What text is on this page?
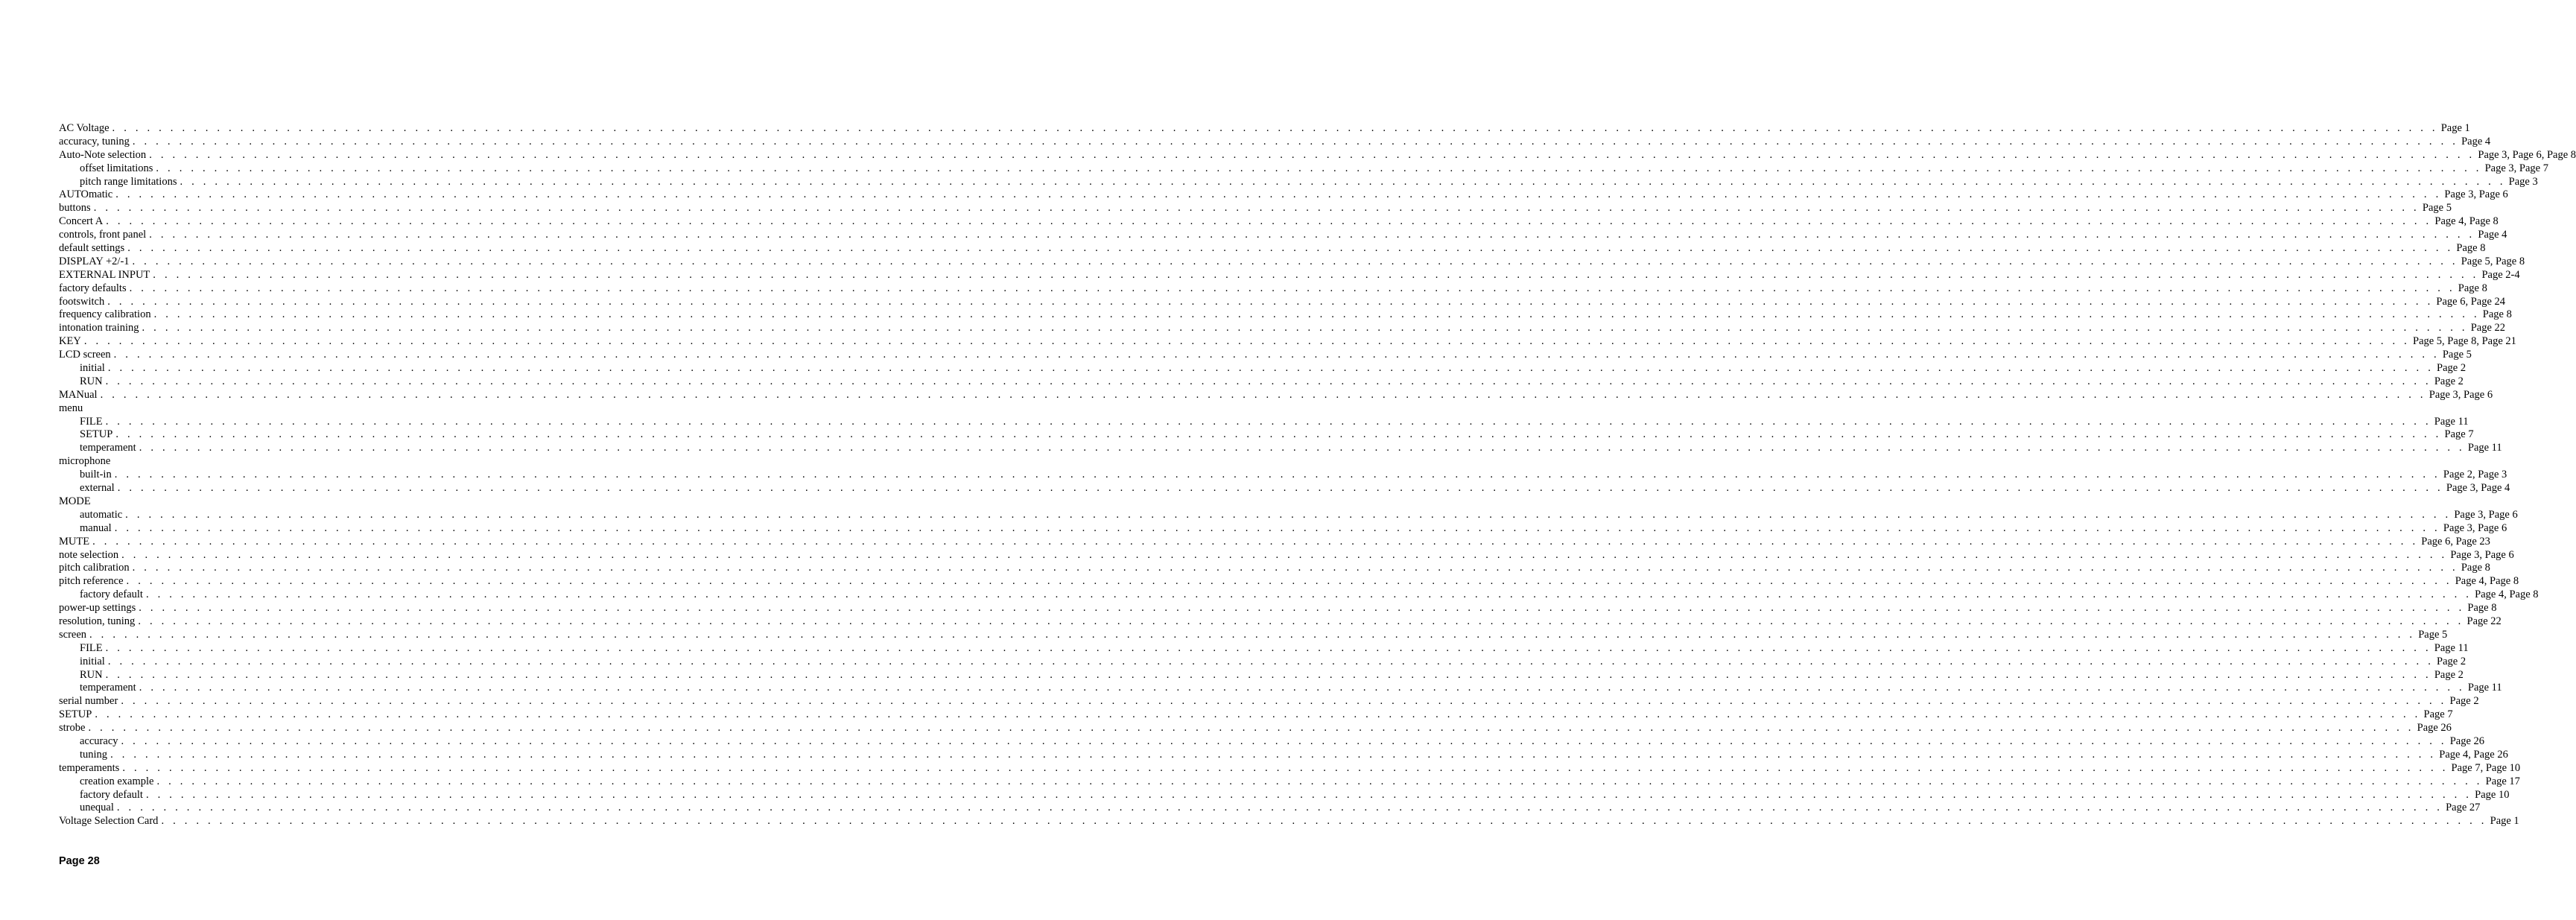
AC Voltage . . . . . . . . . . . . . . . . . . . . . . . . . . . . . . . . . . . . . . . . . . . . . . . . . . . . . . . . . . . . . . . . . . . . . . . . . . . . . . . . . . . . . . . . . . . . . . . . . . . . . . . . . . . . . . . . . . . . . . . . . . . . . . . . . . . . . . . . . . . . . . . . . . . . . . . . . . . . . . . . . . . . . . . . . . . . . . . . . . . . . . . . . . . . . . . . . . . . . . . . Page 1
accuracy, tuning . . . . . . . . . . . . . . . . . . . . . . . . . . . . . . . . . . . . . . . . . . . . . . . . . . . . . . . . . . . . . . . . . . . . . . . . . . . . . . . . . . . . . . . . . . . . . . . . . . . . . . . . . . . . . . . . . . . . . . . . . . . . . . . . . . . . . . . . . . . . . . . . . . . . . . . . . . . . . . . . . . . . . . . . . . . . . . . . . . . . . . . . . . . . . . . . . . . . . . . . Page 4
Auto-Note selection . . . . . . . . . . . . . . . . . . . . . . . . . . . . . . . . . . . . . . . . . . . . . . . . . . . . . . . . . . . . . . . . . . . . . . . . . . . . . . . . . . . . . . . . . . . . . . . . . . . . . . . . . . . . . . . . . . . . . . . . . . . . . . . . . . . . . . . . . . . . . . . . . . . . . . . . . . . . . . . . . . . . . . . . . . . . . . . . . . . . . . . . . . . . . . . . . . . . . . . . Page 3, Page 6, Page 8
offset limitations . . . . . . . . . . . . . . . . . . . . . . . . . . . . . . . . . . . . . . . . . . . . . . . . . . . . . . . . . . . . . . . . . . . . . . . . . . . . . . . . . . . . . . . . . . . . . . . . . . . . . . . . . . . . . . . . . . . . . . . . . . . . . . . . . . . . . . . . . . . . . . . . . . . . . . . . . . . . . . . . . . . . . . . . . . . . . . . . . . . . . . . . . . . . . . . . . . . . . . . . Page 3, Page 7
pitch range limitations . . . . . . . . . . . . . . . . . . . . . . . . . . . . . . . . . . . . . . . . . . . . . . . . . . . . . . . . . . . . . . . . . . . . . . . . . . . . . . . . . . . . . . . . . . . . . . . . . . . . . . . . . . . . . . . . . . . . . . . . . . . . . . . . . . . . . . . . . . . . . . . . . . . . . . . . . . . . . . . . . . . . . . . . . . . . . . . . . . . . . . . . . . . . . . . . . . . . . . . . Page 3
AUTOmatic . . . . . . . . . . . . . . . . . . . . . . . . . . . . . . . . . . . . . . . . . . . . . . . . . . . . . . . . . . . . . . . . . . . . . . . . . . . . . . . . . . . . . . . . . . . . . . . . . . . . . . . . . . . . . . . . . . . . . . . . . . . . . . . . . . . . . . . . . . . . . . . . . . . . . . . . . . . . . . . . . . . . . . . . . . . . . . . . . . . . . . . . . . . . . . . . . . . . . . . . Page 3, Page 6
buttons . . . . . . . . . . . . . . . . . . . . . . . . . . . . . . . . . . . . . . . . . . . . . . . . . . . . . . . . . . . . . . . . . . . . . . . . . . . . . . . . . . . . . . . . . . . . . . . . . . . . . . . . . . . . . . . . . . . . . . . . . . . . . . . . . . . . . . . . . . . . . . . . . . . . . . . . . . . . . . . . . . . . . . . . . . . . . . . . . . . . . . . . . . . . . . . . . . . . . . . . Page 5
Concert A . . . . . . . . . . . . . . . . . . . . . . . . . . . . . . . . . . . . . . . . . . . . . . . . . . . . . . . . . . . . . . . . . . . . . . . . . . . . . . . . . . . . . . . . . . . . . . . . . . . . . . . . . . . . . . . . . . . . . . . . . . . . . . . . . . . . . . . . . . . . . . . . . . . . . . . . . . . . . . . . . . . . . . . . . . . . . . . . . . . . . . . . . . . . . . . . . . . . . . . . Page 4, Page 8
controls, front panel . . . . . . . . . . . . . . . . . . . . . . . . . . . . . . . . . . . . . . . . . . . . . . . . . . . . . . . . . . . . . . . . . . . . . . . . . . . . . . . . . . . . . . . . . . . . . . . . . . . . . . . . . . . . . . . . . . . . . . . . . . . . . . . . . . . . . . . . . . . . . . . . . . . . . . . . . . . . . . . . . . . . . . . . . . . . . . . . . . . . . . . . . . . . . . . . . . . . . . . . Page 4
default settings . . . . . . . . . . . . . . . . . . . . . . . . . . . . . . . . . . . . . . . . . . . . . . . . . . . . . . . . . . . . . . . . . . . . . . . . . . . . . . . . . . . . . . . . . . . . . . . . . . . . . . . . . . . . . . . . . . . . . . . . . . . . . . . . . . . . . . . . . . . . . . . . . . . . . . . . . . . . . . . . . . . . . . . . . . . . . . . . . . . . . . . . . . . . . . . . . . . . . . . . Page 8
DISPLAY +2/-1 . . . . . . . . . . . . . . . . . . . . . . . . . . . . . . . . . . . . . . . . . . . . . . . . . . . . . . . . . . . . . . . . . . . . . . . . . . . . . . . . . . . . . . . . . . . . . . . . . . . . . . . . . . . . . . . . . . . . . . . . . . . . . . . . . . . . . . . . . . . . . . . . . . . . . . . . . . . . . . . . . . . . . . . . . . . . . . . . . . . . . . . . . . . . . . . . . . . . . . . . Page 5, Page 8
EXTERNAL INPUT . . . . . . . . . . . . . . . . . . . . . . . . . . . . . . . . . . . . . . . . . . . . . . . . . . . . . . . . . . . . . . . . . . . . . . . . . . . . . . . . . . . . . . . . . . . . . . . . . . . . . . . . . . . . . . . . . . . . . . . . . . . . . . . . . . . . . . . . . . . . . . . . . . . . . . . . . . . . . . . . . . . . . . . . . . . . . . . . . . . . . . . . . . . . . . . . . . . . . . . . Page 2-4
factory defaults . . . . . . . . . . . . . . . . . . . . . . . . . . . . . . . . . . . . . . . . . . . . . . . . . . . . . . . . . . . . . . . . . . . . . . . . . . . . . . . . . . . . . . . . . . . . . . . . . . . . . . . . . . . . . . . . . . . . . . . . . . . . . . . . . . . . . . . . . . . . . . . . . . . . . . . . . . . . . . . . . . . . . . . . . . . . . . . . . . . . . . . . . . . . . . . . . . . . . . . . Page 8
footswitch . . . . . . . . . . . . . . . . . . . . . . . . . . . . . . . . . . . . . . . . . . . . . . . . . . . . . . . . . . . . . . . . . . . . . . . . . . . . . . . . . . . . . . . . . . . . . . . . . . . . . . . . . . . . . . . . . . . . . . . . . . . . . . . . . . . . . . . . . . . . . . . . . . . . . . . . . . . . . . . . . . . . . . . . . . . . . . . . . . . . . . . . . . . . . . . . . . . . . . . . Page 6, Page 24
frequency calibration . . . . . . . . . . . . . . . . . . . . . . . . . . . . . . . . . . . . . . . . . . . . . . . . . . . . . . . . . . . . . . . . . . . . . . . . . . . . . . . . . . . . . . . . . . . . . . . . . . . . . . . . . . . . . . . . . . . . . . . . . . . . . . . . . . . . . . . . . . . . . . . . . . . . . . . . . . . . . . . . . . . . . . . . . . . . . . . . . . . . . . . . . . . . . . . . . . . . . . . . Page 8
intonation training . . . . . . . . . . . . . . . . . . . . . . . . . . . . . . . . . . . . . . . . . . . . . . . . . . . . . . . . . . . . . . . . . . . . . . . . . . . . . . . . . . . . . . . . . . . . . . . . . . . . . . . . . . . . . . . . . . . . . . . . . . . . . . . . . . . . . . . . . . . . . . . . . . . . . . . . . . . . . . . . . . . . . . . . . . . . . . . . . . . . . . . . . . . . . . . . . . . . . . . . Page 22
KEY . . . . . . . . . . . . . . . . . . . . . . . . . . . . . . . . . . . . . . . . . . . . . . . . . . . . . . . . . . . . . . . . . . . . . . . . . . . . . . . . . . . . . . . . . . . . . . . . . . . . . . . . . . . . . . . . . . . . . . . . . . . . . . . . . . . . . . . . . . . . . . . . . . . . . . . . . . . . . . . . . . . . . . . . . . . . . . . . . . . . . . . . . . . . . . . . . . . . . . . . Page 5, Page 8, Page 21
LCD screen . . . . . . . . . . . . . . . . . . . . . . . . . . . . . . . . . . . . . . . . . . . . . . . . . . . . . . . . . . . . . . . . . . . . . . . . . . . . . . . . . . . . . . . . . . . . . . . . . . . . . . . . . . . . . . . . . . . . . . . . . . . . . . . . . . . . . . . . . . . . . . . . . . . . . . . . . . . . . . . . . . . . . . . . . . . . . . . . . . . . . . . . . . . . . . . . . . . . . . . . Page 5
initial . . . . . . . . . . . . . . . . . . . . . . . . . . . . . . . . . . . . . . . . . . . . . . . . . . . . . . . . . . . . . . . . . . . . . . . . . . . . . . . . . . . . . . . . . . . . . . . . . . . . . . . . . . . . . . . . . . . . . . . . . . . . . . . . . . . . . . . . . . . . . . . . . . . . . . . . . . . . . . . . . . . . . . . . . . . . . . . . . . . . . . . . . . . . . . . . . . . . . . . . Page 2
RUN . . . . . . . . . . . . . . . . . . . . . . . . . . . . . . . . . . . . . . . . . . . . . . . . . . . . . . . . . . . . . . . . . . . . . . . . . . . . . . . . . . . . . . . . . . . . . . . . . . . . . . . . . . . . . . . . . . . . . . . . . . . . . . . . . . . . . . . . . . . . . . . . . . . . . . . . . . . . . . . . . . . . . . . . . . . . . . . . . . . . . . . . . . . . . . . . . . . . . . . . Page 2
MANual . . . . . . . . . . . . . . . . . . . . . . . . . . . . . . . . . . . . . . . . . . . . . . . . . . . . . . . . . . . . . . . . . . . . . . . . . . . . . . . . . . . . . . . . . . . . . . . . . . . . . . . . . . . . . . . . . . . . . . . . . . . . . . . . . . . . . . . . . . . . . . . . . . . . . . . . . . . . . . . . . . . . . . . . . . . . . . . . . . . . . . . . . . . . . . . . . . . . . . . . Page 3, Page 6
menu
FILE . . . . . . . . . . . . . . . . . . . . . . . . . . . . . . . . . . . . . . . . . . . . . . . . . . . . . . . . . . . . . . . . . . . . . . . . . . . . . . . . . . . . . . . . . . . . . . . . . . . . . . . . . . . . . . . . . . . . . . . . . . . . . . . . . . . . . . . . . . . . . . . . . . . . . . . . . . . . . . . . . . . . . . . . . . . . . . . . . . . . . . . . . . . . . . . . . . . . . . . . Page 11
SETUP . . . . . . . . . . . . . . . . . . . . . . . . . . . . . . . . . . . . . . . . . . . . . . . . . . . . . . . . . . . . . . . . . . . . . . . . . . . . . . . . . . . . . . . . . . . . . . . . . . . . . . . . . . . . . . . . . . . . . . . . . . . . . . . . . . . . . . . . . . . . . . . . . . . . . . . . . . . . . . . . . . . . . . . . . . . . . . . . . . . . . . . . . . . . . . . . . . . . . . . . Page 7
temperament . . . . . . . . . . . . . . . . . . . . . . . . . . . . . . . . . . . . . . . . . . . . . . . . . . . . . . . . . . . . . . . . . . . . . . . . . . . . . . . . . . . . . . . . . . . . . . . . . . . . . . . . . . . . . . . . . . . . . . . . . . . . . . . . . . . . . . . . . . . . . . . . . . . . . . . . . . . . . . . . . . . . . . . . . . . . . . . . . . . . . . . . . . . . . . . . . . . . . . . . Page 11
microphone
built-in . . . . . . . . . . . . . . . . . . . . . . . . . . . . . . . . . . . . . . . . . . . . . . . . . . . . . . . . . . . . . . . . . . . . . . . . . . . . . . . . . . . . . . . . . . . . . . . . . . . . . . . . . . . . . . . . . . . . . . . . . . . . . . . . . . . . . . . . . . . . . . . . . . . . . . . . . . . . . . . . . . . . . . . . . . . . . . . . . . . . . . . . . . . . . . . . . . . . . . . . Page 2, Page 3
external . . . . . . . . . . . . . . . . . . . . . . . . . . . . . . . . . . . . . . . . . . . . . . . . . . . . . . . . . . . . . . . . . . . . . . . . . . . . . . . . . . . . . . . . . . . . . . . . . . . . . . . . . . . . . . . . . . . . . . . . . . . . . . . . . . . . . . . . . . . . . . . . . . . . . . . . . . . . . . . . . . . . . . . . . . . . . . . . . . . . . . . . . . . . . . . . . . . . . . . . Page 3, Page 4
MODE
automatic . . . . . . . . . . . . . . . . . . . . . . . . . . . . . . . . . . . . . . . . . . . . . . . . . . . . . . . . . . . . . . . . . . . . . . . . . . . . . . . . . . . . . . . . . . . . . . . . . . . . . . . . . . . . . . . . . . . . . . . . . . . . . . . . . . . . . . . . . . . . . . . . . . . . . . . . . . . . . . . . . . . . . . . . . . . . . . . . . . . . . . . . . . . . . . . . . . . . . . . . Page 3, Page 6
manual . . . . . . . . . . . . . . . . . . . . . . . . . . . . . . . . . . . . . . . . . . . . . . . . . . . . . . . . . . . . . . . . . . . . . . . . . . . . . . . . . . . . . . . . . . . . . . . . . . . . . . . . . . . . . . . . . . . . . . . . . . . . . . . . . . . . . . . . . . . . . . . . . . . . . . . . . . . . . . . . . . . . . . . . . . . . . . . . . . . . . . . . . . . . . . . . . . . . . . . . Page 3, Page 6
MUTE . . . . . . . . . . . . . . . . . . . . . . . . . . . . . . . . . . . . . . . . . . . . . . . . . . . . . . . . . . . . . . . . . . . . . . . . . . . . . . . . . . . . . . . . . . . . . . . . . . . . . . . . . . . . . . . . . . . . . . . . . . . . . . . . . . . . . . . . . . . . . . . . . . . . . . . . . . . . . . . . . . . . . . . . . . . . . . . . . . . . . . . . . . . . . . . . . . . . . . . . Page 6, Page 23
note selection . . . . . . . . . . . . . . . . . . . . . . . . . . . . . . . . . . . . . . . . . . . . . . . . . . . . . . . . . . . . . . . . . . . . . . . . . . . . . . . . . . . . . . . . . . . . . . . . . . . . . . . . . . . . . . . . . . . . . . . . . . . . . . . . . . . . . . . . . . . . . . . . . . . . . . . . . . . . . . . . . . . . . . . . . . . . . . . . . . . . . . . . . . . . . . . . . . . . . . . . Page 3, Page 6
pitch calibration . . . . . . . . . . . . . . . . . . . . . . . . . . . . . . . . . . . . . . . . . . . . . . . . . . . . . . . . . . . . . . . . . . . . . . . . . . . . . . . . . . . . . . . . . . . . . . . . . . . . . . . . . . . . . . . . . . . . . . . . . . . . . . . . . . . . . . . . . . . . . . . . . . . . . . . . . . . . . . . . . . . . . . . . . . . . . . . . . . . . . . . . . . . . . . . . . . . . . . . . Page 8
pitch reference . . . . . . . . . . . . . . . . . . . . . . . . . . . . . . . . . . . . . . . . . . . . . . . . . . . . . . . . . . . . . . . . . . . . . . . . . . . . . . . . . . . . . . . . . . . . . . . . . . . . . . . . . . . . . . . . . . . . . . . . . . . . . . . . . . . . . . . . . . . . . . . . . . . . . . . . . . . . . . . . . . . . . . . . . . . . . . . . . . . . . . . . . . . . . . . . . . . . . . . . Page 4, Page 8
factory default . . . . . . . . . . . . . . . . . . . . . . . . . . . . . . . . . . . . . . . . . . . . . . . . . . . . . . . . . . . . . . . . . . . . . . . . . . . . . . . . . . . . . . . . . . . . . . . . . . . . . . . . . . . . . . . . . . . . . . . . . . . . . . . . . . . . . . . . . . . . . . . . . . . . . . . . . . . . . . . . . . . . . . . . . . . . . . . . . . . . . . . . . . . . . . . . . . . . . . . . Page 4, Page 8
power-up settings . . . . . . . . . . . . . . . . . . . . . . . . . . . . . . . . . . . . . . . . . . . . . . . . . . . . . . . . . . . . . . . . . . . . . . . . . . . . . . . . . . . . . . . . . . . . . . . . . . . . . . . . . . . . . . . . . . . . . . . . . . . . . . . . . . . . . . . . . . . . . . . . . . . . . . . . . . . . . . . . . . . . . . . . . . . . . . . . . . . . . . . . . . . . . . . . . . . . . . . . Page 8
resolution, tuning . . . . . . . . . . . . . . . . . . . . . . . . . . . . . . . . . . . . . . . . . . . . . . . . . . . . . . . . . . . . . . . . . . . . . . . . . . . . . . . . . . . . . . . . . . . . . . . . . . . . . . . . . . . . . . . . . . . . . . . . . . . . . . . . . . . . . . . . . . . . . . . . . . . . . . . . . . . . . . . . . . . . . . . . . . . . . . . . . . . . . . . . . . . . . . . . . . . . . . . . Page 22
screen . . . . . . . . . . . . . . . . . . . . . . . . . . . . . . . . . . . . . . . . . . . . . . . . . . . . . . . . . . . . . . . . . . . . . . . . . . . . . . . . . . . . . . . . . . . . . . . . . . . . . . . . . . . . . . . . . . . . . . . . . . . . . . . . . . . . . . . . . . . . . . . . . . . . . . . . . . . . . . . . . . . . . . . . . . . . . . . . . . . . . . . . . . . . . . . . . . . . . . . . Page 5
FILE . . . . . . . . . . . . . . . . . . . . . . . . . . . . . . . . . . . . . . . . . . . . . . . . . . . . . . . . . . . . . . . . . . . . . . . . . . . . . . . . . . . . . . . . . . . . . . . . . . . . . . . . . . . . . . . . . . . . . . . . . . . . . . . . . . . . . . . . . . . . . . . . . . . . . . . . . . . . . . . . . . . . . . . . . . . . . . . . . . . . . . . . . . . . . . . . . . . . . . . . Page 11
initial . . . . . . . . . . . . . . . . . . . . . . . . . . . . . . . . . . . . . . . . . . . . . . . . . . . . . . . . . . . . . . . . . . . . . . . . . . . . . . . . . . . . . . . . . . . . . . . . . . . . . . . . . . . . . . . . . . . . . . . . . . . . . . . . . . . . . . . . . . . . . . . . . . . . . . . . . . . . . . . . . . . . . . . . . . . . . . . . . . . . . . . . . . . . . . . . . . . . . . . . Page 2
RUN . . . . . . . . . . . . . . . . . . . . . . . . . . . . . . . . . . . . . . . . . . . . . . . . . . . . . . . . . . . . . . . . . . . . . . . . . . . . . . . . . . . . . . . . . . . . . . . . . . . . . . . . . . . . . . . . . . . . . . . . . . . . . . . . . . . . . . . . . . . . . . . . . . . . . . . . . . . . . . . . . . . . . . . . . . . . . . . . . . . . . . . . . . . . . . . . . . . . . . . . Page 2
temperament . . . . . . . . . . . . . . . . . . . . . . . . . . . . . . . . . . . . . . . . . . . . . . . . . . . . . . . . . . . . . . . . . . . . . . . . . . . . . . . . . . . . . . . . . . . . . . . . . . . . . . . . . . . . . . . . . . . . . . . . . . . . . . . . . . . . . . . . . . . . . . . . . . . . . . . . . . . . . . . . . . . . . . . . . . . . . . . . . . . . . . . . . . . . . . . . . . . . . . . . Page 11
serial number . . . . . . . . . . . . . . . . . . . . . . . . . . . . . . . . . . . . . . . . . . . . . . . . . . . . . . . . . . . . . . . . . . . . . . . . . . . . . . . . . . . . . . . . . . . . . . . . . . . . . . . . . . . . . . . . . . . . . . . . . . . . . . . . . . . . . . . . . . . . . . . . . . . . . . . . . . . . . . . . . . . . . . . . . . . . . . . . . . . . . . . . . . . . . . . . . . . . . . . . Page 2
SETUP . . . . . . . . . . . . . . . . . . . . . . . . . . . . . . . . . . . . . . . . . . . . . . . . . . . . . . . . . . . . . . . . . . . . . . . . . . . . . . . . . . . . . . . . . . . . . . . . . . . . . . . . . . . . . . . . . . . . . . . . . . . . . . . . . . . . . . . . . . . . . . . . . . . . . . . . . . . . . . . . . . . . . . . . . . . . . . . . . . . . . . . . . . . . . . . . . . . . . . . . Page 7
strobe . . . . . . . . . . . . . . . . . . . . . . . . . . . . . . . . . . . . . . . . . . . . . . . . . . . . . . . . . . . . . . . . . . . . . . . . . . . . . . . . . . . . . . . . . . . . . . . . . . . . . . . . . . . . . . . . . . . . . . . . . . . . . . . . . . . . . . . . . . . . . . . . . . . . . . . . . . . . . . . . . . . . . . . . . . . . . . . . . . . . . . . . . . . . . . . . . . . . . . . . Page 26
accuracy . . . . . . . . . . . . . . . . . . . . . . . . . . . . . . . . . . . . . . . . . . . . . . . . . . . . . . . . . . . . . . . . . . . . . . . . . . . . . . . . . . . . . . . . . . . . . . . . . . . . . . . . . . . . . . . . . . . . . . . . . . . . . . . . . . . . . . . . . . . . . . . . . . . . . . . . . . . . . . . . . . . . . . . . . . . . . . . . . . . . . . . . . . . . . . . . . . . . . . . . Page 26
tuning . . . . . . . . . . . . . . . . . . . . . . . . . . . . . . . . . . . . . . . . . . . . . . . . . . . . . . . . . . . . . . . . . . . . . . . . . . . . . . . . . . . . . . . . . . . . . . . . . . . . . . . . . . . . . . . . . . . . . . . . . . . . . . . . . . . . . . . . . . . . . . . . . . . . . . . . . . . . . . . . . . . . . . . . . . . . . . . . . . . . . . . . . . . . . . . . . . . . . . . . Page 4, Page 26
temperaments . . . . . . . . . . . . . . . . . . . . . . . . . . . . . . . . . . . . . . . . . . . . . . . . . . . . . . . . . . . . . . . . . . . . . . . . . . . . . . . . . . . . . . . . . . . . . . . . . . . . . . . . . . . . . . . . . . . . . . . . . . . . . . . . . . . . . . . . . . . . . . . . . . . . . . . . . . . . . . . . . . . . . . . . . . . . . . . . . . . . . . . . . . . . . . . . . . . . . . . . Page 7, Page 10
creation example . . . . . . . . . . . . . . . . . . . . . . . . . . . . . . . . . . . . . . . . . . . . . . . . . . . . . . . . . . . . . . . . . . . . . . . . . . . . . . . . . . . . . . . . . . . . . . . . . . . . . . . . . . . . . . . . . . . . . . . . . . . . . . . . . . . . . . . . . . . . . . . . . . . . . . . . . . . . . . . . . . . . . . . . . . . . . . . . . . . . . . . . . . . . . . . . . . . . . . . . Page 17
factory default . . . . . . . . . . . . . . . . . . . . . . . . . . . . . . . . . . . . . . . . . . . . . . . . . . . . . . . . . . . . . . . . . . . . . . . . . . . . . . . . . . . . . . . . . . . . . . . . . . . . . . . . . . . . . . . . . . . . . . . . . . . . . . . . . . . . . . . . . . . . . . . . . . . . . . . . . . . . . . . . . . . . . . . . . . . . . . . . . . . . . . . . . . . . . . . . . . . . . . . . Page 10
unequal . . . . . . . . . . . . . . . . . . . . . . . . . . . . . . . . . . . . . . . . . . . . . . . . . . . . . . . . . . . . . . . . . . . . . . . . . . . . . . . . . . . . . . . . . . . . . . . . . . . . . . . . . . . . . . . . . . . . . . . . . . . . . . . . . . . . . . . . . . . . . . . . . . . . . . . . . . . . . . . . . . . . . . . . . . . . . . . . . . . . . . . . . . . . . . . . . . . . . . . . Page 27
Voltage Selection Card . . . . . . . . . . . . . . . . . . . . . . . . . . . . . . . . . . . . . . . . . . . . . . . . . . . . . . . . . . . . . . . . . . . . . . . . . . . . . . . . . . . . . . . . . . . . . . . . . . . . . . . . . . . . . . . . . . . . . . . . . . . . . . . . . . . . . . . . . . . . . . . . . . . . . . . . . . . . . . . . . . . . . . . . . . . . . . . . . . . . . . . . . . . . . . . . . . . . . . . . Page 1
Page 28
